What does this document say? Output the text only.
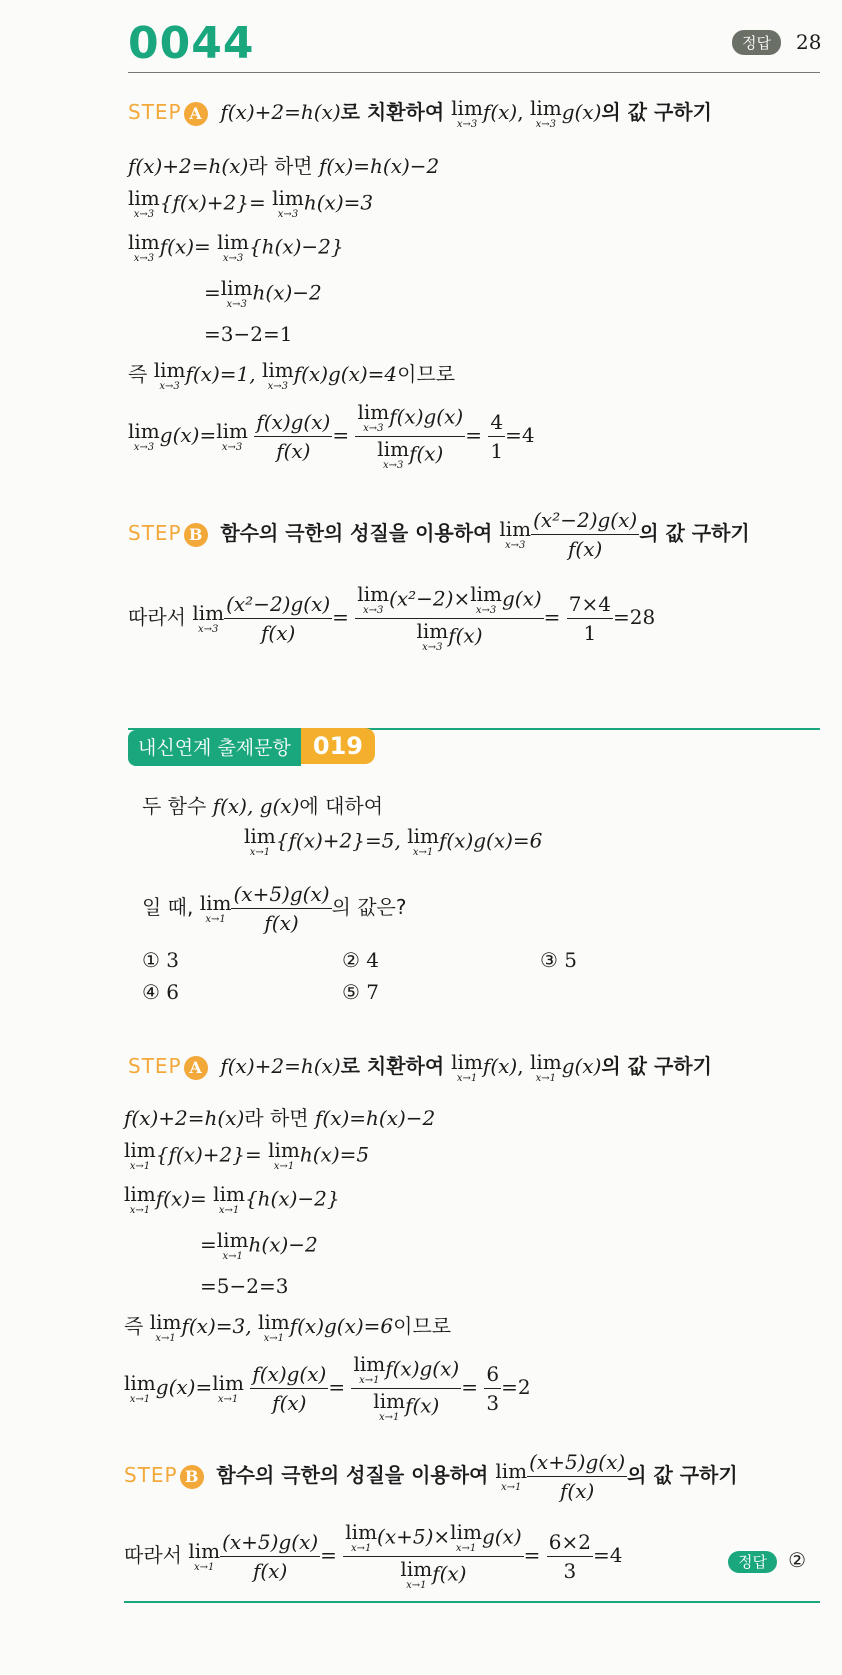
0044	정답	28
STEP A f(x)+2=h(x)로 치환하여 lim
x→3 f(x), lim
x→3 g(x)의 값 구하기
f(x)+2=h(x)라 하면 f(x)=h(x)−2
lim
x→3 {f(x)+2}= lim
x→3 h(x)=3
lim
x→3 f(x)= lim
x→3 {h(x)−2}
=lim
x→3 h(x)−2
=3−2=1
즉 lim
x→3 f(x)=1, lim
x→3 f(x)g(x)=4이므로
lim
x→3 g(x)=lim
x→3
$\frac{f(x)g(x)}{f(x)} = \lim$
x→3 f(x)g(x)
lim
x→3 $f(x) = \frac{4}{1} =4$
STEP B 함수의 극한의 성질을 이용하여 lim
$x\to 3 \frac{\text{(x²−2)g(x)}}{f(x)}$ 의 값 구하기
따라서 lim
$x\to 3 \frac{\text{(x²−2)g(x)}}{f(x)} = \lim$
x→3 (x²−2)×lim
x→3 g(x)
lim
x→3 $f(x) = \frac{7\times 4}{1} =28$
내신연계 출제문항 019
두 함수 f(x), g(x)에 대하여
lim
x→1 {f(x)+2}=5, lim
x→1 f(x)g(x)=6
일 때, lim
$x\to 1 \frac{(x+5)g(x)}{f(x)}$ 의 값은?
① 3	② 4	③ 5
④ 6	⑤ 7
STEP A f(x)+2=h(x)로 치환하여 lim
x→1 f(x), lim
x→1 g(x)의 값 구하기
f(x)+2=h(x)라 하면 f(x)=h(x)−2
lim
x→1 {f(x)+2}= lim
x→1 h(x)=5
lim
x→1 f(x)= lim
x→1 {h(x)−2}
=lim
x→1 h(x)−2
=5−2=3
즉 lim
x→1 f(x)=3, lim
x→1 f(x)g(x)=6이므로
lim
x→1 g(x)=lim
x→1
$\frac{f(x)g(x)}{f(x)} = \lim$
x→1 f(x)g(x)
lim
x→1 $f(x) = \frac{6}{3} =2$
STEP B 함수의 극한의 성질을 이용하여 lim
$x\to 1 \frac{(x+5)g(x)}{f(x)}$ 의 값 구하기
따라서 lim
$x\to 1 \frac{(x+5)g(x)}{f(x)} = \lim$
x→1 (x+5)×lim
x→1 g(x)
lim
x→1 $f(x) = \frac{6\times 2}{3} =4$	정답 ②
